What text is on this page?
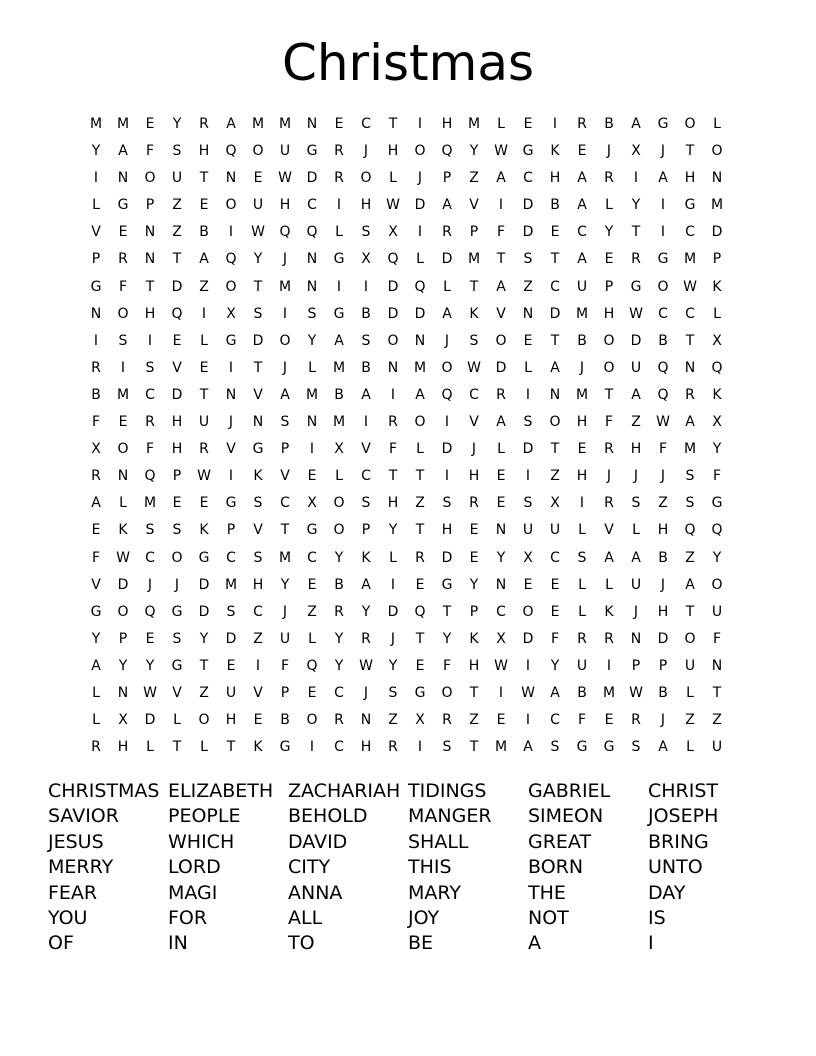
Christmas
M M E Y R A M M N E C T	I	H M L E	I	R B A G O L
Y A F S H Q O U G R	J	H O Q Y W G K E	J	X	J	T O
I	N O U T N E W D R O L	J	P Z A C H A R	I	A H N
L G P Z E O U H C	I	H W D A V	I	D B A L Y	I	G M
V E N Z B	I	W Q Q L S X	I	R P F D E C Y T	I	C D
P R N T A Q Y	J	N G X Q L D M T S T A E R G M P
G F T D Z O T M N	I	I	D Q L T A Z C U P G O W K
N O H Q	I	X S	I	S G B D D A K V N D M H W C C L
I	S	I	E L G D O Y A S O N	J	S O E T B O D B T X
R	I	S V E	I	T	J	L M B N M O W D L A	J	O U Q N Q
B M C D T N V A M B A	I	A Q C R	I	N M T A Q R K
F E R H U	J	N S N M	I	R O	I	V A S O H F Z W A X
X O F H R V G P	I	X V F L D	J	L D T E R H F M Y
R N Q P W	I	K V E L C T T	I	H E	I	Z H	J	J	J	S F
A L M E E G S C X O S H Z S R E S X	I	R S Z S G
E K S S K P V T G O P Y T H E N U U L V L H Q Q
F W C O G C S M C Y K L R D E Y X C S A A B Z Y
V D	J	J	D M H Y E B A	I	E G Y N E E L L U	J	A O
G O Q G D S C	J	Z R Y D Q T P C O E L K	J	H T U
Y P E S Y D Z U L Y R	J	T Y K X D F R R N D O F
A Y Y G T E	I	F Q Y W Y E F H W	I	Y U	I	P P U N
L N W V Z U V P E C	J	S G O T	I	W A B M W B L T
L X D L O H E B O R N Z X R Z E	I	C F E R	J	Z Z
R H L T L T K G	I	C H R	I	S T M A S G G S A L U
CHRISTMAS ELIZABETH ZACHARIAH TIDINGS GABRIEL CHRIST
SAVIOR	PEOPLE	BEHOLD MANGER SIMEON JOSEPH
JESUS	WHICH	DAVID	SHALL	GREAT	BRING
MERRY	LORD	CITY	THIS	BORN	UNTO
FEAR	MAGI	ANNA	MARY	THE	DAY
YOU	FOR	ALL	JOY	NOT	IS
OF	IN	TO	BE	A	I
